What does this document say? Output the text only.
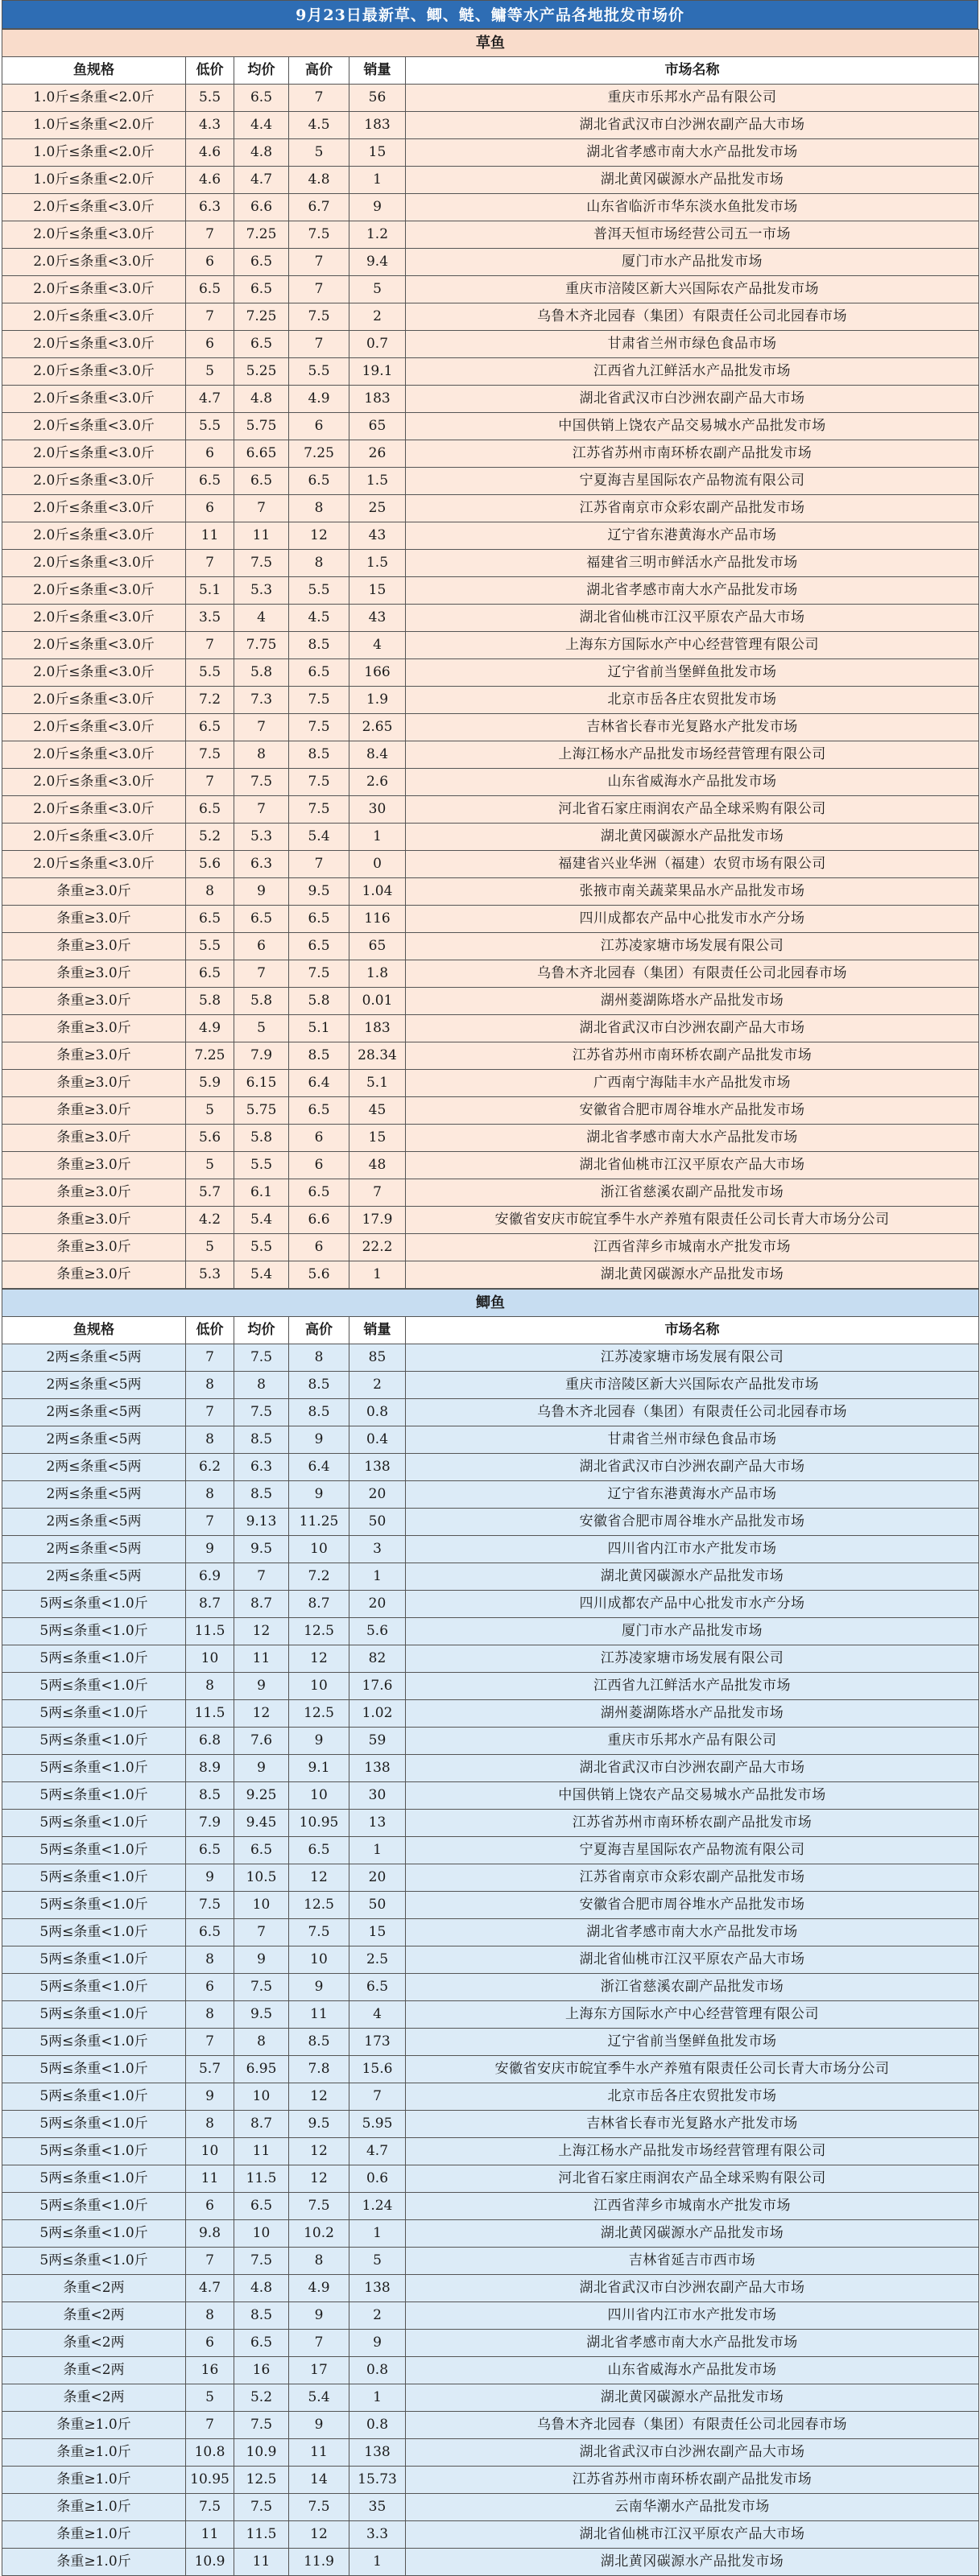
9月23日最新草、鲫、鲢、鳙等水产品各地批发市场价
草鱼					
鱼规格	低价	均价	高价	销量	市场名称
1.0斤≤条重<2.0斤	5.5	6.5	7	56	重庆市乐邦水产品有限公司
1.0斤≤条重<2.0斤	4.3	4.4	4.5	183	湖北省武汉市白沙洲农副产品大市场
1.0斤≤条重<2.0斤	4.6	4.8	5	15	湖北省孝感市南大水产品批发市场
1.0斤≤条重<2.0斤	4.6	4.7	4.8	1	湖北黄冈碳源水产品批发市场
2.0斤≤条重<3.0斤	6.3	6.6	6.7	9	山东省临沂市华东淡水鱼批发市场
2.0斤≤条重<3.0斤	7	7.25	7.5	1.2	普洱天恒市场经营公司五一市场
2.0斤≤条重<3.0斤	6	6.5	7	9.4	厦门市水产品批发市场
2.0斤≤条重<3.0斤	6.5	6.5	7	5	重庆市涪陵区新大兴国际农产品批发市场
2.0斤≤条重<3.0斤	7	7.25	7.5	2	乌鲁木齐北园春（集团）有限责任公司北园春市场
2.0斤≤条重<3.0斤	6	6.5	7	0.7	甘肃省兰州市绿色食品市场
2.0斤≤条重<3.0斤	5	5.25	5.5	19.1	江西省九江鲜活水产品批发市场
2.0斤≤条重<3.0斤	4.7	4.8	4.9	183	湖北省武汉市白沙洲农副产品大市场
2.0斤≤条重<3.0斤	5.5	5.75	6	65	中国供销上饶农产品交易城水产品批发市场
2.0斤≤条重<3.0斤	6	6.65	7.25	26	江苏省苏州市南环桥农副产品批发市场
2.0斤≤条重<3.0斤	6.5	6.5	6.5	1.5	宁夏海吉星国际农产品物流有限公司
2.0斤≤条重<3.0斤	6	7	8	25	江苏省南京市众彩农副产品批发市场
2.0斤≤条重<3.0斤	11	11	12	43	辽宁省东港黄海水产品市场
2.0斤≤条重<3.0斤	7	7.5	8	1.5	福建省三明市鲜活水产品批发市场
2.0斤≤条重<3.0斤	5.1	5.3	5.5	15	湖北省孝感市南大水产品批发市场
2.0斤≤条重<3.0斤	3.5	4	4.5	43	湖北省仙桃市江汉平原农产品大市场
2.0斤≤条重<3.0斤	7	7.75	8.5	4	上海东方国际水产中心经营管理有限公司
2.0斤≤条重<3.0斤	5.5	5.8	6.5	166	辽宁省前当堡鲜鱼批发市场
2.0斤≤条重<3.0斤	7.2	7.3	7.5	1.9	北京市岳各庄农贸批发市场
2.0斤≤条重<3.0斤	6.5	7	7.5	2.65	吉林省长春市光复路水产批发市场
2.0斤≤条重<3.0斤	7.5	8	8.5	8.4	上海江杨水产品批发市场经营管理有限公司
2.0斤≤条重<3.0斤	7	7.5	7.5	2.6	山东省威海水产品批发市场
2.0斤≤条重<3.0斤	6.5	7	7.5	30	河北省石家庄雨润农产品全球采购有限公司
2.0斤≤条重<3.0斤	5.2	5.3	5.4	1	湖北黄冈碳源水产品批发市场
2.0斤≤条重<3.0斤	5.6	6.3	7	0	福建省兴业华洲（福建）农贸市场有限公司
条重≥3.0斤	8	9	9.5	1.04	张掖市南关蔬菜果品水产品批发市场
条重≥3.0斤	6.5	6.5	6.5	116	四川成都农产品中心批发市水产分场
条重≥3.0斤	5.5	6	6.5	65	江苏凌家塘市场发展有限公司
条重≥3.0斤	6.5	7	7.5	1.8	乌鲁木齐北园春（集团）有限责任公司北园春市场
条重≥3.0斤	5.8	5.8	5.8	0.01	湖州菱湖陈塔水产品批发市场
条重≥3.0斤	4.9	5	5.1	183	湖北省武汉市白沙洲农副产品大市场
条重≥3.0斤	7.25	7.9	8.5	28.34	江苏省苏州市南环桥农副产品批发市场
条重≥3.0斤	5.9	6.15	6.4	5.1	广西南宁海陆丰水产品批发市场
条重≥3.0斤	5	5.75	6.5	45	安徽省合肥市周谷堆水产品批发市场
条重≥3.0斤	5.6	5.8	6	15	湖北省孝感市南大水产品批发市场
条重≥3.0斤	5	5.5	6	48	湖北省仙桃市江汉平原农产品大市场
条重≥3.0斤	5.7	6.1	6.5	7	浙江省慈溪农副产品批发市场
条重≥3.0斤	4.2	5.4	6.6	17.9	安徽省安庆市皖宜季牛水产养殖有限责任公司长青大市场分公司
条重≥3.0斤	5	5.5	6	22.2	江西省萍乡市城南水产批发市场
条重≥3.0斤	5.3	5.4	5.6	1	湖北黄冈碳源水产品批发市场
鲫鱼					
鱼规格	低价	均价	高价	销量	市场名称
2两≤条重<5两	7	7.5	8	85	江苏凌家塘市场发展有限公司
2两≤条重<5两	8	8	8.5	2	重庆市涪陵区新大兴国际农产品批发市场
2两≤条重<5两	7	7.5	8.5	0.8	乌鲁木齐北园春（集团）有限责任公司北园春市场
2两≤条重<5两	8	8.5	9	0.4	甘肃省兰州市绿色食品市场
2两≤条重<5两	6.2	6.3	6.4	138	湖北省武汉市白沙洲农副产品大市场
2两≤条重<5两	8	8.5	9	20	辽宁省东港黄海水产品市场
2两≤条重<5两	7	9.13	11.25	50	安徽省合肥市周谷堆水产品批发市场
2两≤条重<5两	9	9.5	10	3	四川省内江市水产批发市场
2两≤条重<5两	6.9	7	7.2	1	湖北黄冈碳源水产品批发市场
5两≤条重<1.0斤	8.7	8.7	8.7	20	四川成都农产品中心批发市水产分场
5两≤条重<1.0斤	11.5	12	12.5	5.6	厦门市水产品批发市场
5两≤条重<1.0斤	10	11	12	82	江苏凌家塘市场发展有限公司
5两≤条重<1.0斤	8	9	10	17.6	江西省九江鲜活水产品批发市场
5两≤条重<1.0斤	11.5	12	12.5	1.02	湖州菱湖陈塔水产品批发市场
5两≤条重<1.0斤	6.8	7.6	9	59	重庆市乐邦水产品有限公司
5两≤条重<1.0斤	8.9	9	9.1	138	湖北省武汉市白沙洲农副产品大市场
5两≤条重<1.0斤	8.5	9.25	10	30	中国供销上饶农产品交易城水产品批发市场
5两≤条重<1.0斤	7.9	9.45	10.95	13	江苏省苏州市南环桥农副产品批发市场
5两≤条重<1.0斤	6.5	6.5	6.5	1	宁夏海吉星国际农产品物流有限公司
5两≤条重<1.0斤	9	10.5	12	20	江苏省南京市众彩农副产品批发市场
5两≤条重<1.0斤	7.5	10	12.5	50	安徽省合肥市周谷堆水产品批发市场
5两≤条重<1.0斤	6.5	7	7.5	15	湖北省孝感市南大水产品批发市场
5两≤条重<1.0斤	8	9	10	2.5	湖北省仙桃市江汉平原农产品大市场
5两≤条重<1.0斤	6	7.5	9	6.5	浙江省慈溪农副产品批发市场
5两≤条重<1.0斤	8	9.5	11	4	上海东方国际水产中心经营管理有限公司
5两≤条重<1.0斤	7	8	8.5	173	辽宁省前当堡鲜鱼批发市场
5两≤条重<1.0斤	5.7	6.95	7.8	15.6	安徽省安庆市皖宜季牛水产养殖有限责任公司长青大市场分公司
5两≤条重<1.0斤	9	10	12	7	北京市岳各庄农贸批发市场
5两≤条重<1.0斤	8	8.7	9.5	5.95	吉林省长春市光复路水产批发市场
5两≤条重<1.0斤	10	11	12	4.7	上海江杨水产品批发市场经营管理有限公司
5两≤条重<1.0斤	11	11.5	12	0.6	河北省石家庄雨润农产品全球采购有限公司
5两≤条重<1.0斤	6	6.5	7.5	1.24	江西省萍乡市城南水产批发市场
5两≤条重<1.0斤	9.8	10	10.2	1	湖北黄冈碳源水产品批发市场
5两≤条重<1.0斤	7	7.5	8	5	吉林省延吉市西市场
条重<2两	4.7	4.8	4.9	138	湖北省武汉市白沙洲农副产品大市场
条重<2两	8	8.5	9	2	四川省内江市水产批发市场
条重<2两	6	6.5	7	9	湖北省孝感市南大水产品批发市场
条重<2两	16	16	17	0.8	山东省威海水产品批发市场
条重<2两	5	5.2	5.4	1	湖北黄冈碳源水产品批发市场
条重≥1.0斤	7	7.5	9	0.8	乌鲁木齐北园春（集团）有限责任公司北园春市场
条重≥1.0斤	10.8	10.9	11	138	湖北省武汉市白沙洲农副产品大市场
条重≥1.0斤	10.95	12.5	14	15.73	江苏省苏州市南环桥农副产品批发市场
条重≥1.0斤	7.5	7.5	7.5	35	云南华潮水产品批发市场
条重≥1.0斤	11	11.5	12	3.3	湖北省仙桃市江汉平原农产品大市场
条重≥1.0斤	10.9	11	11.9	1	湖北黄冈碳源水产品批发市场
